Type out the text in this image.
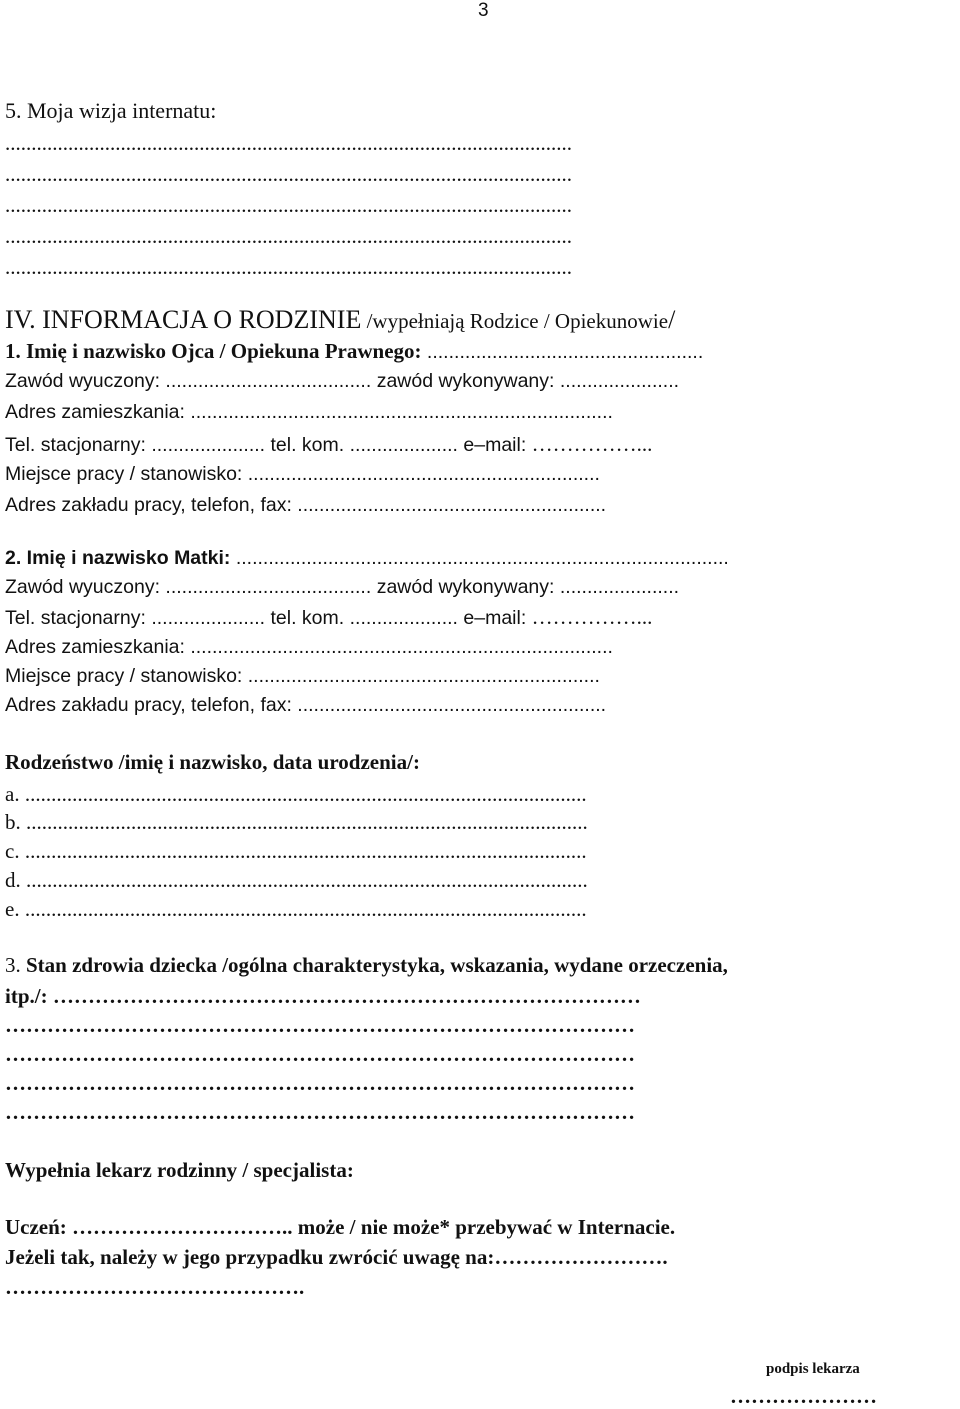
3
5. Moja wizja internatu:
............................................................................................................
............................................................................................................
............................................................................................................
............................................................................................................
............................................................................................................
IV. INFORMACJA O RODZINIE /wypełniają Rodzice / Opiekunowie/
1. Imię i nazwisko Ojca / Opiekuna Prawnego: ...................................................
Zawód wyuczony: ...................................... zawód wykonywany: ......................
Adres zamieszkania: ..............................................................................
Tel. stacjonarny: ..................... tel. kom. .................... e–mail: ……………...
Miejsce pracy / stanowisko: .................................................................
Adres zakładu pracy, telefon, fax: .........................................................
2. Imię i nazwisko Matki: ...........................................................................................
Zawód wyuczony: ...................................... zawód wykonywany: ......................
Tel. stacjonarny: ..................... tel. kom. .................... e–mail: ……………...
Adres zamieszkania: ..............................................................................
Miejsce pracy / stanowisko: .................................................................
Adres zakładu pracy, telefon, fax: .........................................................
Rodzeństwo /imię i nazwisko, data urodzenia/:
a. ...........................................................................................................
b. ...........................................................................................................
c. ...........................................................................................................
d. ...........................................................................................................
e. ...........................................................................................................
3. Stan zdrowia dziecka /ogólna charakterystyka, wskazania, wydane orzeczenia,
itp./: …………………………………………………………………………
………………………………………………………………………………
………………………………………………………………………………
………………………………………………………………………………
………………………………………………………………………………
Wypełnia lekarz rodzinny / specjalista:
Uczeń: ………………………….. może / nie może* przebywać w Internacie.
Jeżeli tak, należy w jego przypadku zwrócić uwagę na:…………………….
…………………………………….
podpis lekarza
…………………
